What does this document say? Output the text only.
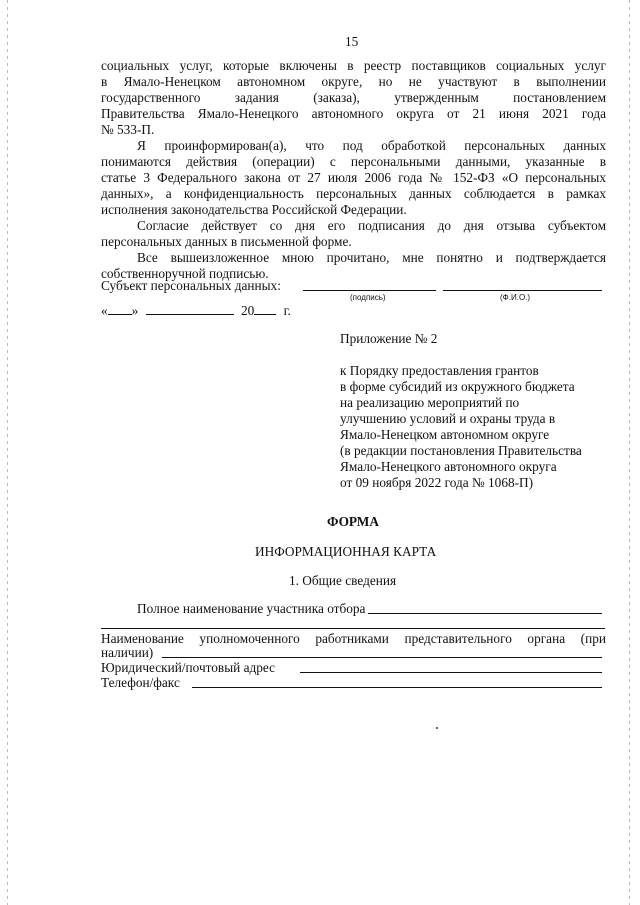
15
социальных услуг, которые включены в реестр поставщиков социальных услуг
в Ямало-Ненецком автономном округе, но не участвуют в выполнении
государственного задания (заказа), утвержденным постановлением
Правительства Ямало-Ненецкого автономного округа от 21 июня 2021 года
№ 533-П.
Я проинформирован(а), что под обработкой персональных данных
понимаются действия (операции) с персональными данными, указанные в
статье 3 Федерального закона от 27 июля 2006 года № 152-ФЗ «О персональных
данных», а конфиденциальность персональных данных соблюдается в рамках
исполнения законодательства Российской Федерации.
Согласие действует со дня его подписания до дня отзыва субъектом
персональных данных в письменной форме.
Все вышеизложенное мною прочитано, мне понятно и подтверждается
собственноручной подписью.
Субъект персональных данных:
(подпись)	(Ф.И.О.)
« »	20 г.
Приложение № 2
к Порядку предоставления грантов
в форме субсидий из окружного бюджета
на реализацию мероприятий по
улучшению условий и охраны труда в
Ямало-Ненецком автономном округе
(в редакции постановления Правительства
Ямало-Ненецкого автономного округа
от 09 ноября 2022 года № 1068-П)
ФОРМА
ИНФОРМАЦИОННАЯ КАРТА
1. Общие сведения
Полное наименование участника отбора
Наименование уполномоченного работниками представительного органа (при
наличии)
Юридический/почтовый адрес
Телефон/факс
